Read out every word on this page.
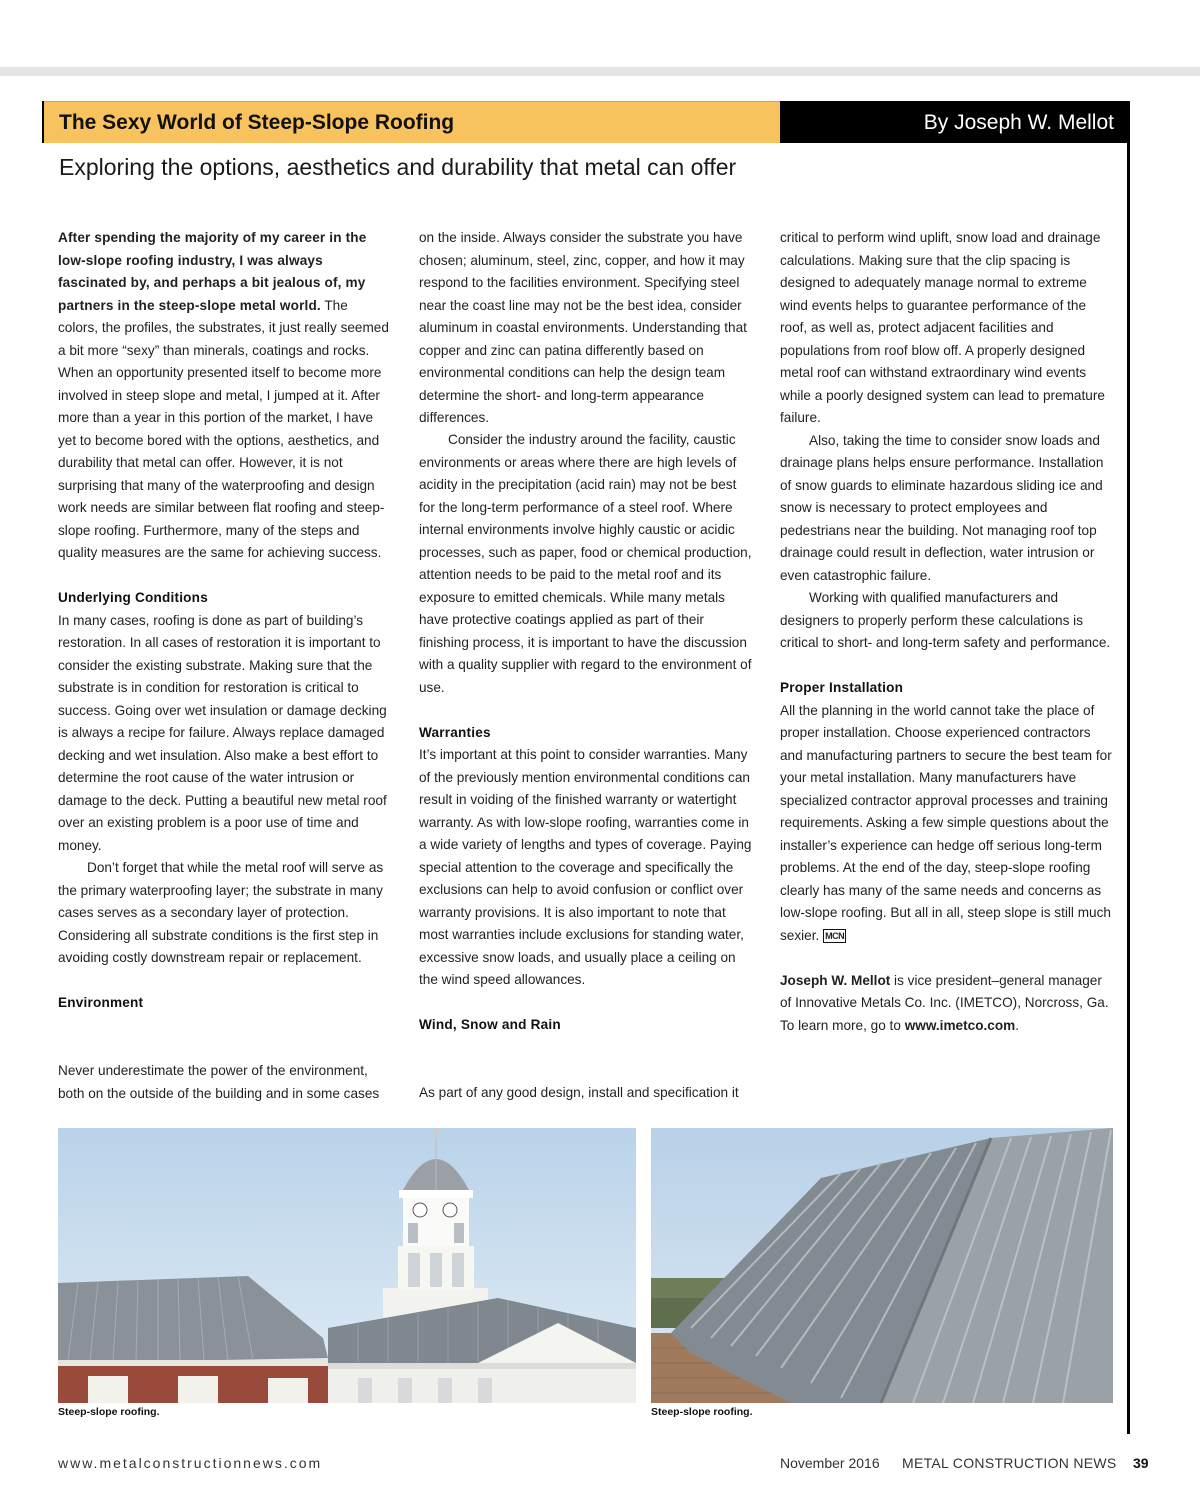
The Sexy World of Steep-Slope Roofing	By Joseph W. Mellot
Exploring the options, aesthetics and durability that metal can offer

After spending the majority of my career in the low-slope roofing industry, I was always fascinated by, and perhaps a bit jealous of, my partners in the steep-slope metal world. The colors, the profiles, the substrates, it just really seemed a bit more “sexy” than minerals, coatings and rocks. When an opportunity presented itself to become more involved in steep slope and metal, I jumped at it. After more than a year in this portion of the market, I have yet to become bored with the options, aesthetics, and durability that metal can offer. However, it is not surprising that many of the waterproofing and design work needs are similar between flat roofing and steep-slope roofing. Furthermore, many of the steps and quality measures are the same for achieving success.

Underlying Conditions

In many cases, roofing is done as part of building’s restoration. In all cases of restoration it is important to consider the existing substrate. Making sure that the substrate is in condition for restoration is critical to success. Going over wet insulation or damage decking is always a recipe for failure. Always replace damaged decking and wet insulation. Also make a best effort to determine the root cause of the water intrusion or damage to the deck. Putting a beautiful new metal roof over an existing problem is a poor use of time and money.

Don’t forget that while the metal roof will serve as the primary waterproofing layer; the substrate in many cases serves as a secondary layer of protection. Considering all substrate conditions is the first step in avoiding costly downstream repair or replacement.

Environment

on the inside. Always consider the substrate you have chosen; aluminum, steel, zinc, copper, and how it may respond to the facilities environment. Specifying steel near the coast line may not be the best idea, consider aluminum in coastal environments. Understanding that copper and zinc can patina differently based on environmental conditions can help the design team determine the short- and long-term appearance differences.

Consider the industry around the facility, caustic environments or areas where there are high levels of acidity in the precipitation (acid rain) may not be best for the long-term performance of a steel roof. Where internal environments involve highly caustic or acidic processes, such as paper, food or chemical production, attention needs to be paid to the metal roof and its exposure to emitted chemicals. While many metals have protective coatings applied as part of their finishing process, it is important to have the discussion with a quality supplier with regard to the environment of use.

Warranties

It’s important at this point to consider warranties. Many of the previously mention environmental conditions can result in voiding of the finished warranty or watertight warranty. As with low-slope roofing, warranties come in a wide variety of lengths and types of coverage. Paying special attention to the coverage and specifically the exclusions can help to avoid confusion or conflict over warranty provisions. It is also important to note that most warranties include exclusions for standing water, excessive snow loads, and usually place a ceiling on the wind speed allowances.

Wind, Snow and Rain

critical to perform wind uplift, snow load and drainage calculations. Making sure that the clip spacing is designed to adequately manage normal to extreme wind events helps to guarantee performance of the roof, as well as, protect adjacent facilities and populations from roof blow off. A properly designed metal roof can withstand extraordinary wind events while a poorly designed system can lead to premature failure.

Also, taking the time to consider snow loads and drainage plans helps ensure performance. Installation of snow guards to eliminate hazardous sliding ice and snow is necessary to protect employees and pedestrians near the building. Not managing roof top drainage could result in deflection, water intrusion or even catastrophic failure.

Working with qualified manufacturers and designers to properly perform these calculations is critical to short- and long-term safety and performance.

Proper Installation

All the planning in the world cannot take the place of proper installation. Choose experienced contractors and manufacturing partners to secure the best team for your metal installation. Many manufacturers have specialized contractor approval processes and training requirements. Asking a few simple questions about the installer’s experience can hedge off serious long-term problems. At the end of the day, steep-slope roofing clearly has many of the same needs and concerns as low-slope roofing. But all in all, steep slope is still much sexier. MCN

Joseph W. Mellot is vice president–general manager of Innovative Metals Co. Inc. (IMETCO), Norcross, Ga. To learn more, go to www.imetco.com.

Steep-slope roofing.	Steep-slope roofing.
www.metalconstructionnews.com	November 2016 METAL CONSTRUCTION NEWS 39

Never underestimate the power of the environment, both on the outside of the building and in some cases	As part of any good design, install and specification it
